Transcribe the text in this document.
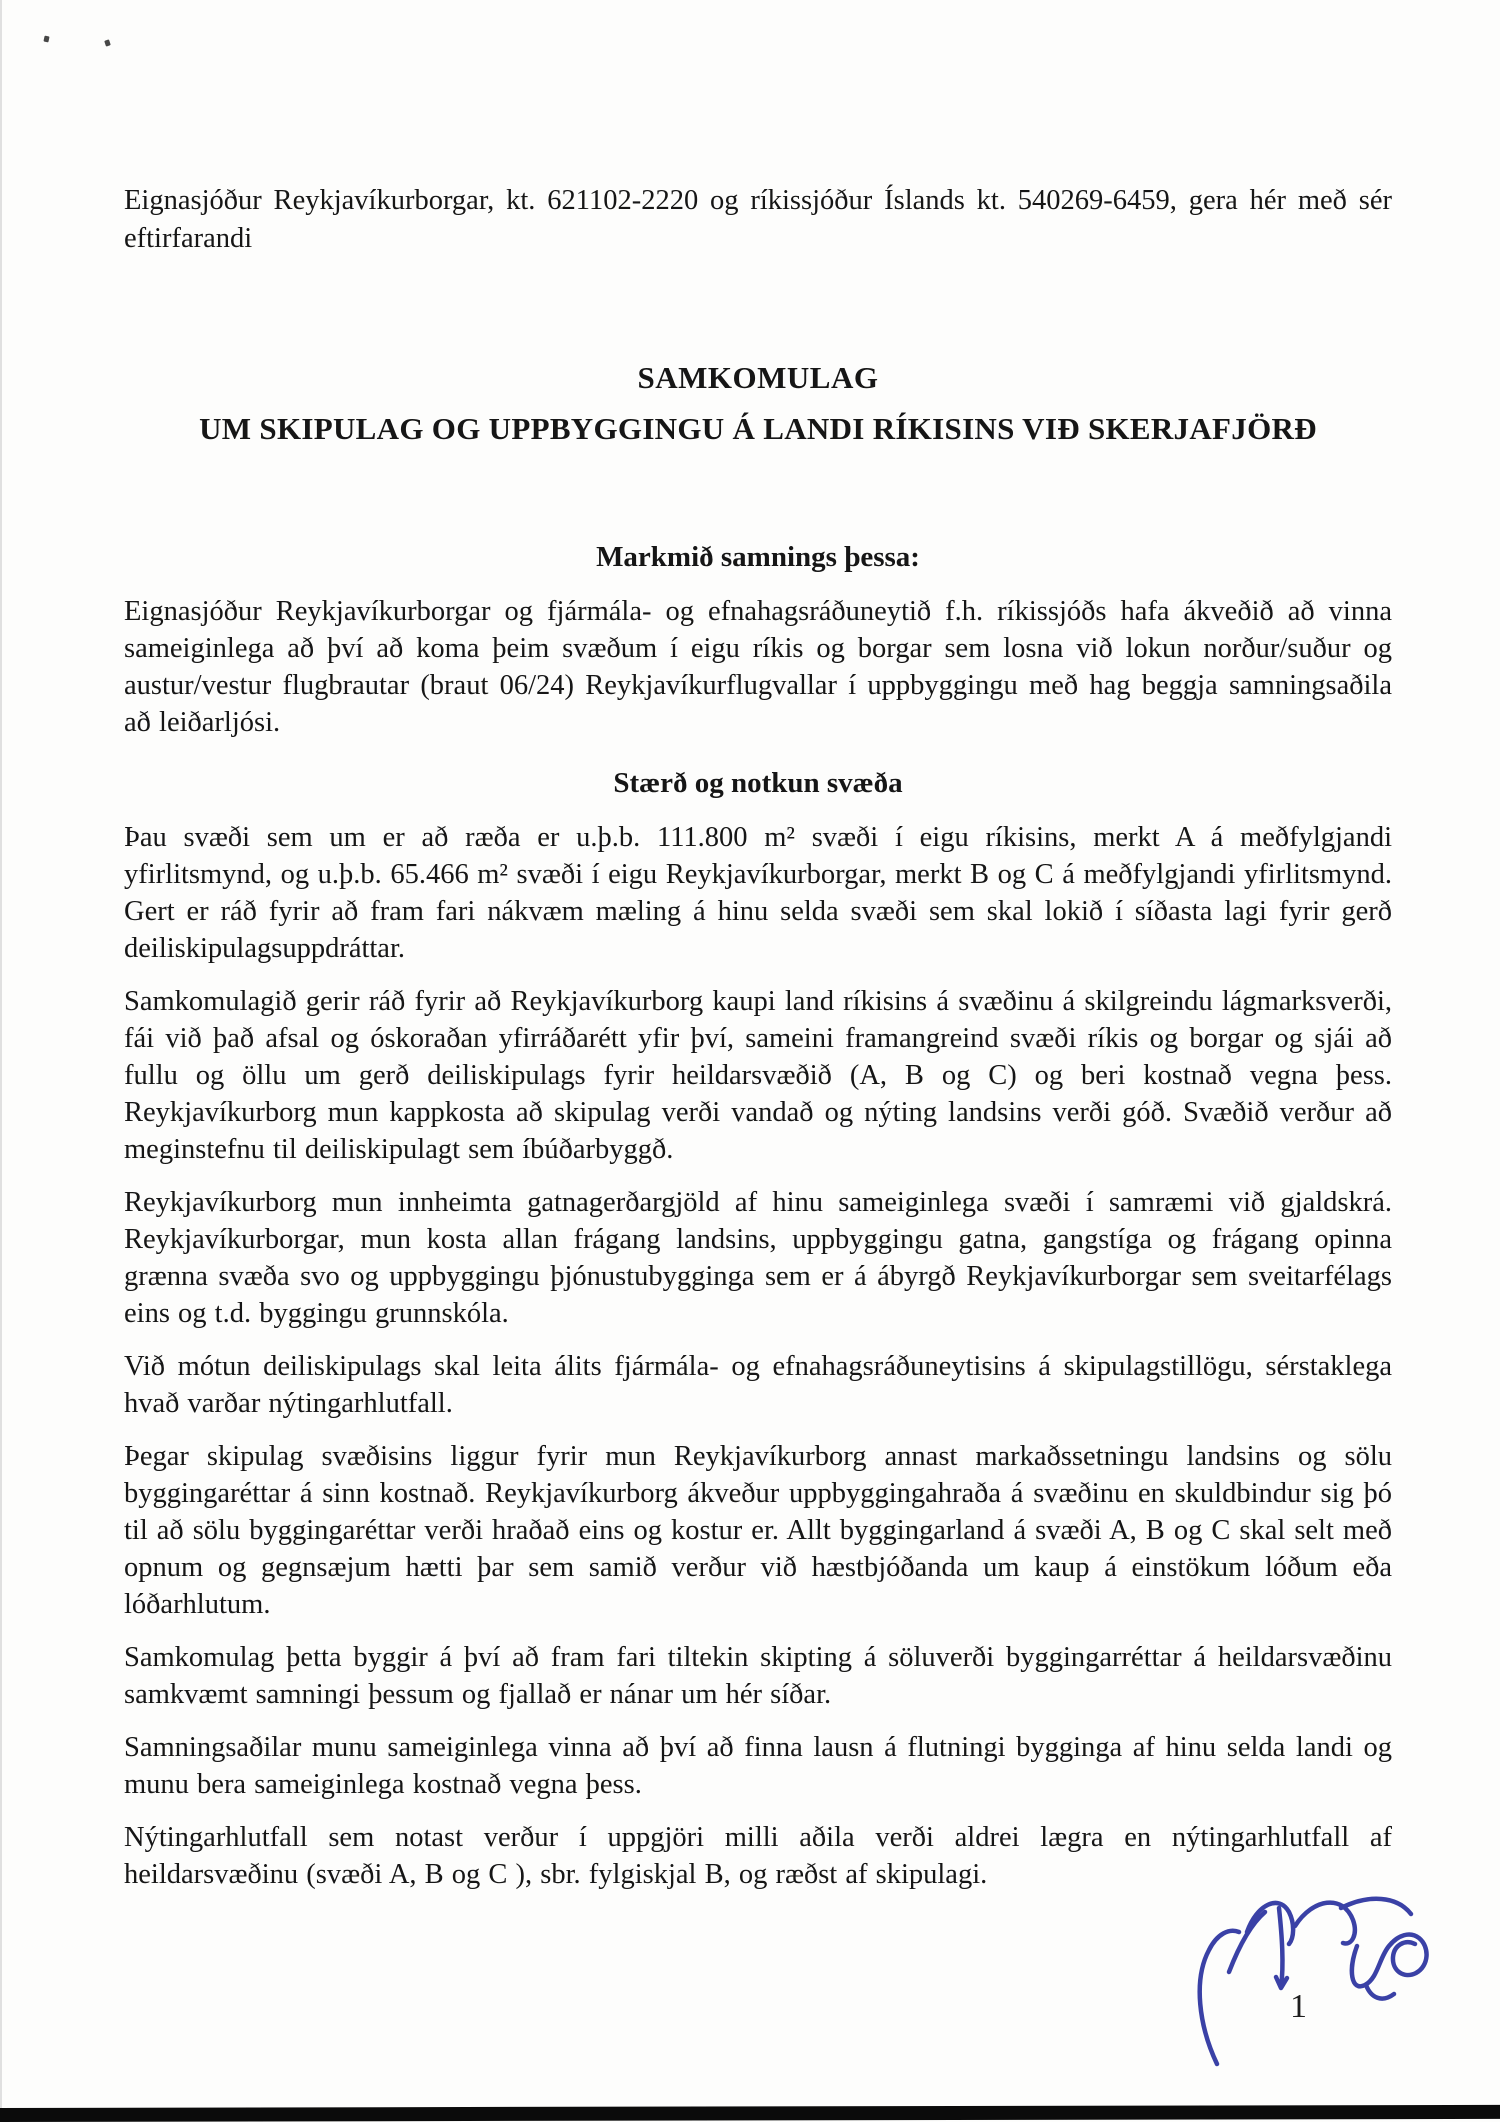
Eignasjóður Reykjavíkurborgar, kt. 621102-2220 og ríkissjóður Íslands kt. 540269-6459, gera hér með sér eftirfarandi

SAMKOMULAG
UM SKIPULAG OG UPPBYGGINGU Á LANDI RÍKISINS VIÐ SKERJAFJÖRÐ
Markmið samnings þessa:

Eignasjóður Reykjavíkurborgar og fjármála- og efnahagsráðuneytið f.h. ríkissjóðs hafa ákveðið að vinna sameiginlega að því að koma þeim svæðum í eigu ríkis og borgar sem losna við lokun norður/suður og austur/vestur flugbrautar (braut 06/24) Reykjavíkurflugvallar í uppbyggingu með hag beggja samningsaðila að leiðarljósi.

Stærð og notkun svæða

Þau svæði sem um er að ræða er u.þ.b. 111.800 m² svæði í eigu ríkisins, merkt A á meðfylgjandi yfirlitsmynd, og u.þ.b. 65.466 m² svæði í eigu Reykjavíkurborgar, merkt B og C á meðfylgjandi yfirlitsmynd. Gert er ráð fyrir að fram fari nákvæm mæling á hinu selda svæði sem skal lokið í síðasta lagi fyrir gerð deiliskipulagsuppdráttar.

Samkomulagið gerir ráð fyrir að Reykjavíkurborg kaupi land ríkisins á svæðinu á skilgreindu lágmarksverði, fái við það afsal og óskoraðan yfirráðarétt yfir því, sameini framangreind svæði ríkis og borgar og sjái að fullu og öllu um gerð deiliskipulags fyrir heildarsvæðið (A, B og C) og beri kostnað vegna þess. Reykjavíkurborg mun kappkosta að skipulag verði vandað og nýting landsins verði góð. Svæðið verður að meginstefnu til deiliskipulagt sem íbúðarbyggð.

Reykjavíkurborg mun innheimta gatnagerðargjöld af hinu sameiginlega svæði í samræmi við gjaldskrá. Reykjavíkurborgar, mun kosta allan frágang landsins, uppbyggingu gatna, gangstíga og frágang opinna grænna svæða svo og uppbyggingu þjónustubygginga sem er á ábyrgð Reykjavíkurborgar sem sveitarfélags eins og t.d. byggingu grunnskóla.

Við mótun deiliskipulags skal leita álits fjármála- og efnahagsráðuneytisins á skipulagstillögu, sérstaklega hvað varðar nýtingarhlutfall.

Þegar skipulag svæðisins liggur fyrir mun Reykjavíkurborg annast markaðssetningu landsins og sölu byggingaréttar á sinn kostnað. Reykjavíkurborg ákveður uppbyggingahraða á svæðinu en skuldbindur sig þó til að sölu byggingaréttar verði hraðað eins og kostur er. Allt byggingarland á svæði A, B og C skal selt með opnum og gegnsæjum hætti þar sem samið verður við hæstbjóðanda um kaup á einstökum lóðum eða lóðarhlutum.

Samkomulag þetta byggir á því að fram fari tiltekin skipting á söluverði byggingarréttar á heildarsvæðinu samkvæmt samningi þessum og fjallað er nánar um hér síðar.

Samningsaðilar munu sameiginlega vinna að því að finna lausn á flutningi bygginga af hinu selda landi og munu bera sameiginlega kostnað vegna þess.

Nýtingarhlutfall sem notast verður í uppgjöri milli aðila verði aldrei lægra en nýtingarhlutfall af heildarsvæðinu (svæði A, B og C ), sbr. fylgiskjal B, og ræðst af skipulagi.

1
